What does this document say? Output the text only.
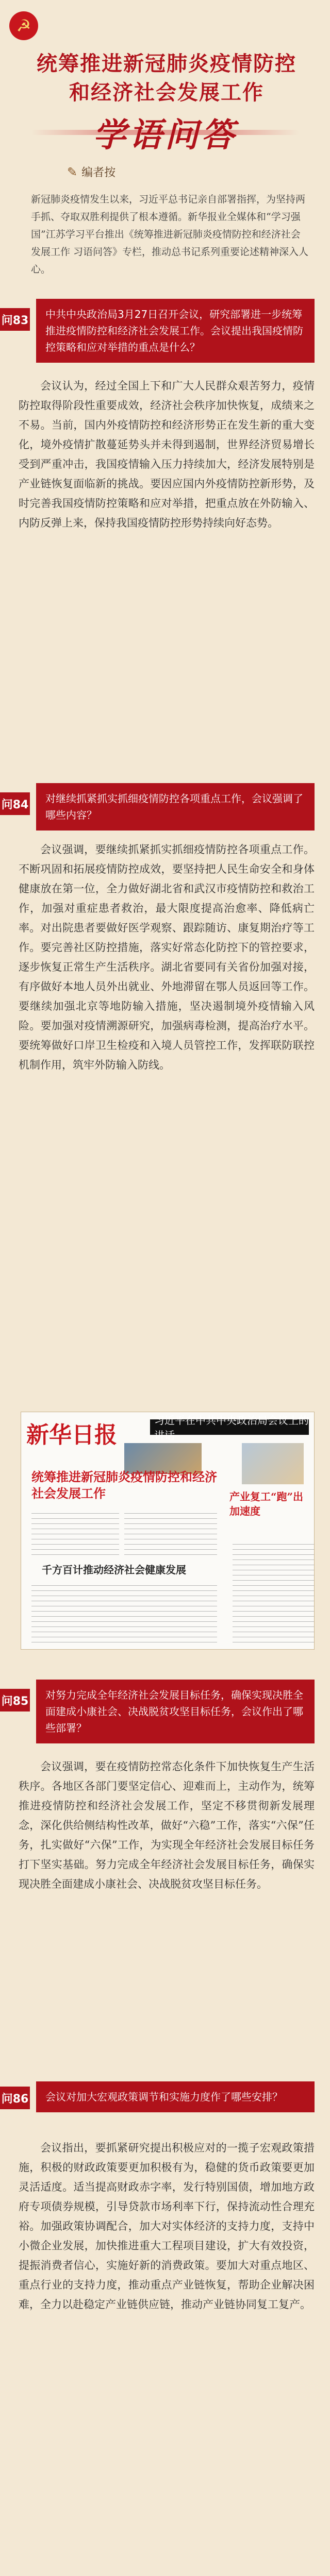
☭
统筹推进新冠肺炎疫情防控
和经济社会发展工作
学语问答
✎ 编者按
新冠肺炎疫情发生以来，习近平总书记亲自部署指挥，为坚持两手抓、夺取双胜利提供了根本遵循。新华报业全媒体和“学习强国”江苏学习平台推出《统筹推进新冠肺炎疫情防控和经济社会发展工作 习语问答》专栏，推动总书记系列重要论述精神深入人心。
问83 中共中央政治局3月27日召开会议，研究部署进一步统筹推进疫情防控和经济社会发展工作。会议提出我国疫情防控策略和应对举措的重点是什么？

会议认为，经过全国上下和广大人民群众艰苦努力，疫情防控取得阶段性重要成效，经济社会秩序加快恢复，成绩来之不易。当前，国内外疫情防控和经济形势正在发生新的重大变化，境外疫情扩散蔓延势头并未得到遏制，世界经济贸易增长受到严重冲击，我国疫情输入压力持续加大，经济发展特别是产业链恢复面临新的挑战。要因应国内外疫情防控新形势，及时完善我国疫情防控策略和应对举措，把重点放在外防输入、内防反弹上来，保持我国疫情防控形势持续向好态势。

问84 对继续抓紧抓实抓细疫情防控各项重点工作，会议强调了哪些内容？

会议强调，要继续抓紧抓实抓细疫情防控各项重点工作。不断巩固和拓展疫情防控成效，要坚持把人民生命安全和身体健康放在第一位，全力做好湖北省和武汉市疫情防控和救治工作，加强对重症患者救治，最大限度提高治愈率、降低病亡率。对出院患者要做好医学观察、跟踪随访、康复期治疗等工作。要完善社区防控措施，落实好常态化防控下的管控要求，逐步恢复正常生产生活秩序。湖北省要同有关省份加强对接，有序做好本地人员外出就业、外地滞留在鄂人员返回等工作。要继续加强北京等地防输入措施，坚决遏制境外疫情输入风险。要加强对疫情溯源研究，加强病毒检测，提高治疗水平。要统筹做好口岸卫生检疫和入境人员管控工作，发挥联防联控机制作用，筑牢外防输入防线。

新华日报
习近平在中共中央政治局会议上的讲话
统筹推进新冠肺炎疫情防控和经济社会发展工作	产业复工“跑”出加速度
千方百计推动经济社会健康发展
问85 对努力完成全年经济社会发展目标任务，确保实现决胜全面建成小康社会、决战脱贫攻坚目标任务，会议作出了哪些部署？

会议强调，要在疫情防控常态化条件下加快恢复生产生活秩序。各地区各部门要坚定信心、迎难而上，主动作为，统筹推进疫情防控和经济社会发展工作，坚定不移贯彻新发展理念，深化供给侧结构性改革，做好“六稳”工作，落实“六保”任务，扎实做好“六保”工作，为实现全年经济社会发展目标任务打下坚实基础。努力完成全年经济社会发展目标任务，确保实现决胜全面建成小康社会、决战脱贫攻坚目标任务。

问86 会议对加大宏观政策调节和实施力度作了哪些安排？

会议指出，要抓紧研究提出积极应对的一揽子宏观政策措施，积极的财政政策要更加积极有为，稳健的货币政策要更加灵活适度。适当提高财政赤字率，发行特别国债，增加地方政府专项债券规模，引导贷款市场利率下行，保持流动性合理充裕。加强政策协调配合，加大对实体经济的支持力度，支持中小微企业发展，加快推进重大工程项目建设，扩大有效投资，提振消费者信心，实施好新的消费政策。要加大对重点地区、重点行业的支持力度，推动重点产业链恢复，帮助企业解决困难，全力以赴稳定产业链供应链，推动产业链协同复工复产。
